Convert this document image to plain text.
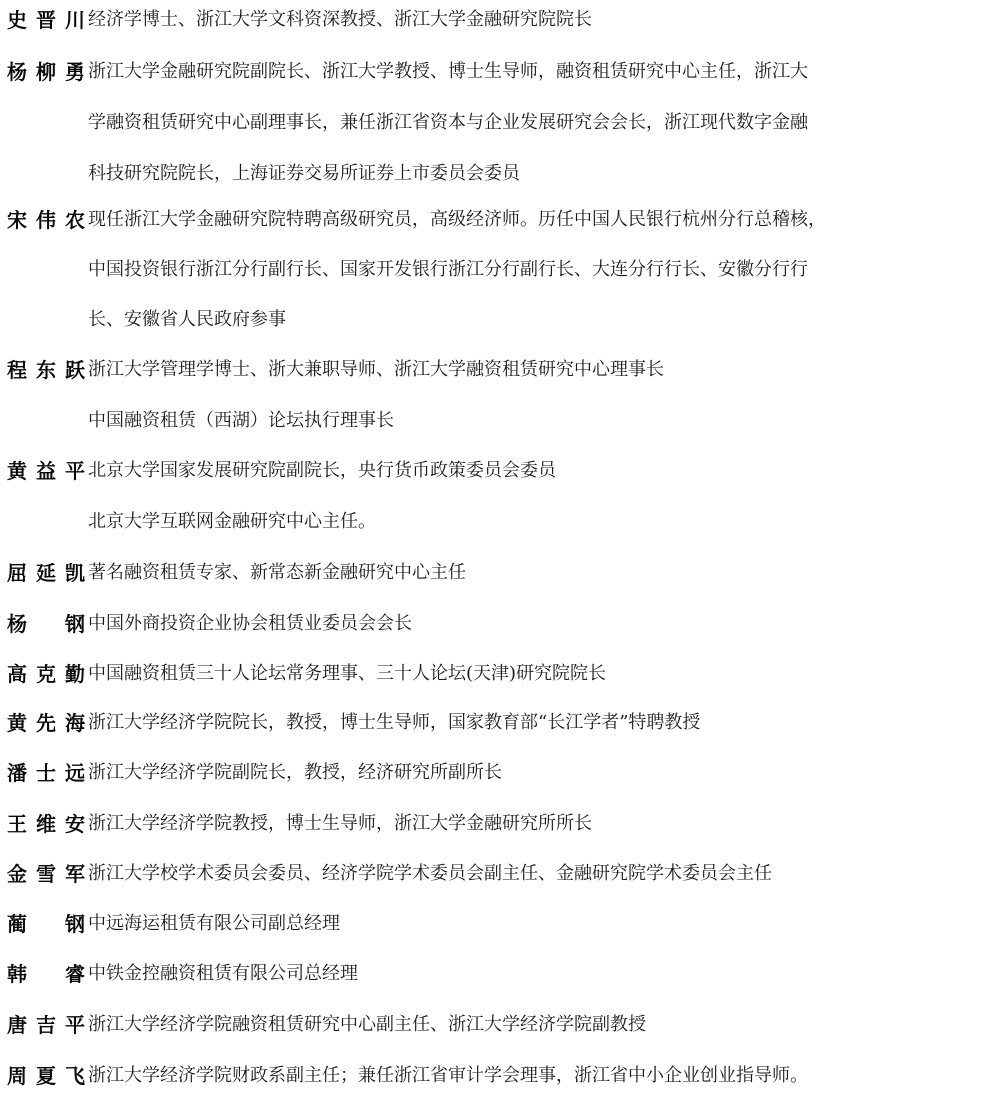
史 晋 川 经济学博士、浙江大学文科资深教授、浙江大学金融研究院院长
杨 柳 勇 浙江大学金融研究院副院长、浙江大学教授、博士生导师，融资租赁研究中心主任，浙江大
学融资租赁研究中心副理事长，兼任浙江省资本与企业发展研究会会长，浙江现代数字金融
科技研究院院长，上海证券交易所证券上市委员会委员
宋 伟 农 现任浙江大学金融研究院特聘高级研究员，高级经济师。历任中国人民银行杭州分行总稽核，
中国投资银行浙江分行副行长、国家开发银行浙江分行副行长、大连分行行长、安徽分行行
长、安徽省人民政府参事
程 东 跃 浙江大学管理学博士、浙大兼职导师、浙江大学融资租赁研究中心理事长
中国融资租赁（西湖）论坛执行理事长
黄 益 平 北京大学国家发展研究院副院长，央行货币政策委员会委员
北京大学互联网金融研究中心主任。
屈 延 凯 著名融资租赁专家、新常态新金融研究中心主任
杨 钢 中国外商投资企业协会租赁业委员会会长
高 克 勤 中国融资租赁三十人论坛常务理事、三十人论坛(天津)研究院院长
黄 先 海 浙江大学经济学院院长，教授，博士生导师，国家教育部“长江学者”特聘教授
潘 士 远 浙江大学经济学院副院长，教授，经济研究所副所长
王 维 安 浙江大学经济学院教授，博士生导师，浙江大学金融研究所所长
金 雪 军 浙江大学校学术委员会委员、经济学院学术委员会副主任、金融研究院学术委员会主任
蔺 钢 中远海运租赁有限公司副总经理
韩 睿 中铁金控融资租赁有限公司总经理
唐 吉 平 浙江大学经济学院融资租赁研究中心副主任、浙江大学经济学院副教授
周 夏 飞 浙江大学经济学院财政系副主任；兼任浙江省审计学会理事，浙江省中小企业创业指导师。
